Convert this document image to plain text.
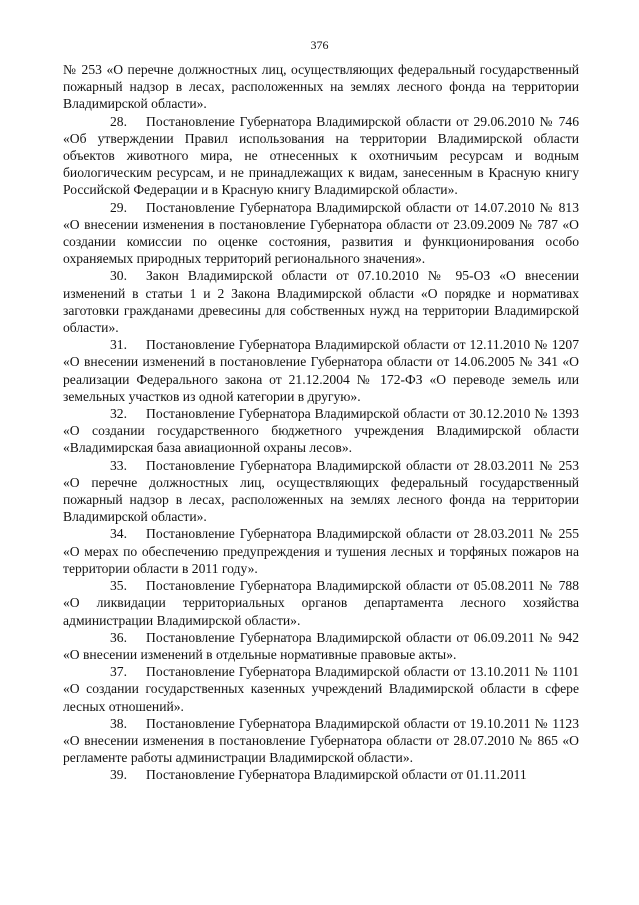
376

№ 253 «О перечне должностных лиц, осуществляющих федеральный государственный пожарный надзор в лесах, расположенных на землях лесного фонда на территории Владимирской области».

28. Постановление Губернатора Владимирской области от 29.06.2010 № 746 «Об утверждении Правил использования на территории Владимирской области объектов животного мира, не отнесенных к охотничьим ресурсам и водным биологическим ресурсам, и не принадлежащих к видам, занесенным в Красную книгу Российской Федерации и в Красную книгу Владимирской области».

29. Постановление Губернатора Владимирской области от 14.07.2010 № 813 «О внесении изменения в постановление Губернатора области от 23.09.2009 № 787 «О создании комиссии по оценке состояния, развития и функционирования особо охраняемых природных территорий регионального значения».

30. Закон Владимирской области от 07.10.2010 № 95-ОЗ «О внесении изменений в статьи 1 и 2 Закона Владимирской области «О порядке и нормативах заготовки гражданами древесины для собственных нужд на территории Владимирской области».

31. Постановление Губернатора Владимирской области от 12.11.2010 № 1207 «О внесении изменений в постановление Губернатора области от 14.06.2005 № 341 «О реализации Федерального закона от 21.12.2004 № 172-ФЗ «О переводе земель или земельных участков из одной категории в другую».

32. Постановление Губернатора Владимирской области от 30.12.2010 № 1393 «О создании государственного бюджетного учреждения Владимирской области «Владимирская база авиационной охраны лесов».

33. Постановление Губернатора Владимирской области от 28.03.2011 № 253 «О перечне должностных лиц, осуществляющих федеральный государственный пожарный надзор в лесах, расположенных на землях лесного фонда на территории Владимирской области».

34. Постановление Губернатора Владимирской области от 28.03.2011 № 255 «О мерах по обеспечению предупреждения и тушения лесных и торфяных пожаров на территории области в 2011 году».

35. Постановление Губернатора Владимирской области от 05.08.2011 № 788 «О ликвидации территориальных органов департамента лесного хозяйства администрации Владимирской области».

36. Постановление Губернатора Владимирской области от 06.09.2011 № 942 «О внесении изменений в отдельные нормативные правовые акты».

37. Постановление Губернатора Владимирской области от 13.10.2011 № 1101 «О создании государственных казенных учреждений Владимирской области в сфере лесных отношений».

38. Постановление Губернатора Владимирской области от 19.10.2011 № 1123 «О внесении изменения в постановление Губернатора области от 28.07.2010 № 865 «О регламенте работы администрации Владимирской области».

39. Постановление Губернатора Владимирской области от 01.11.2011
